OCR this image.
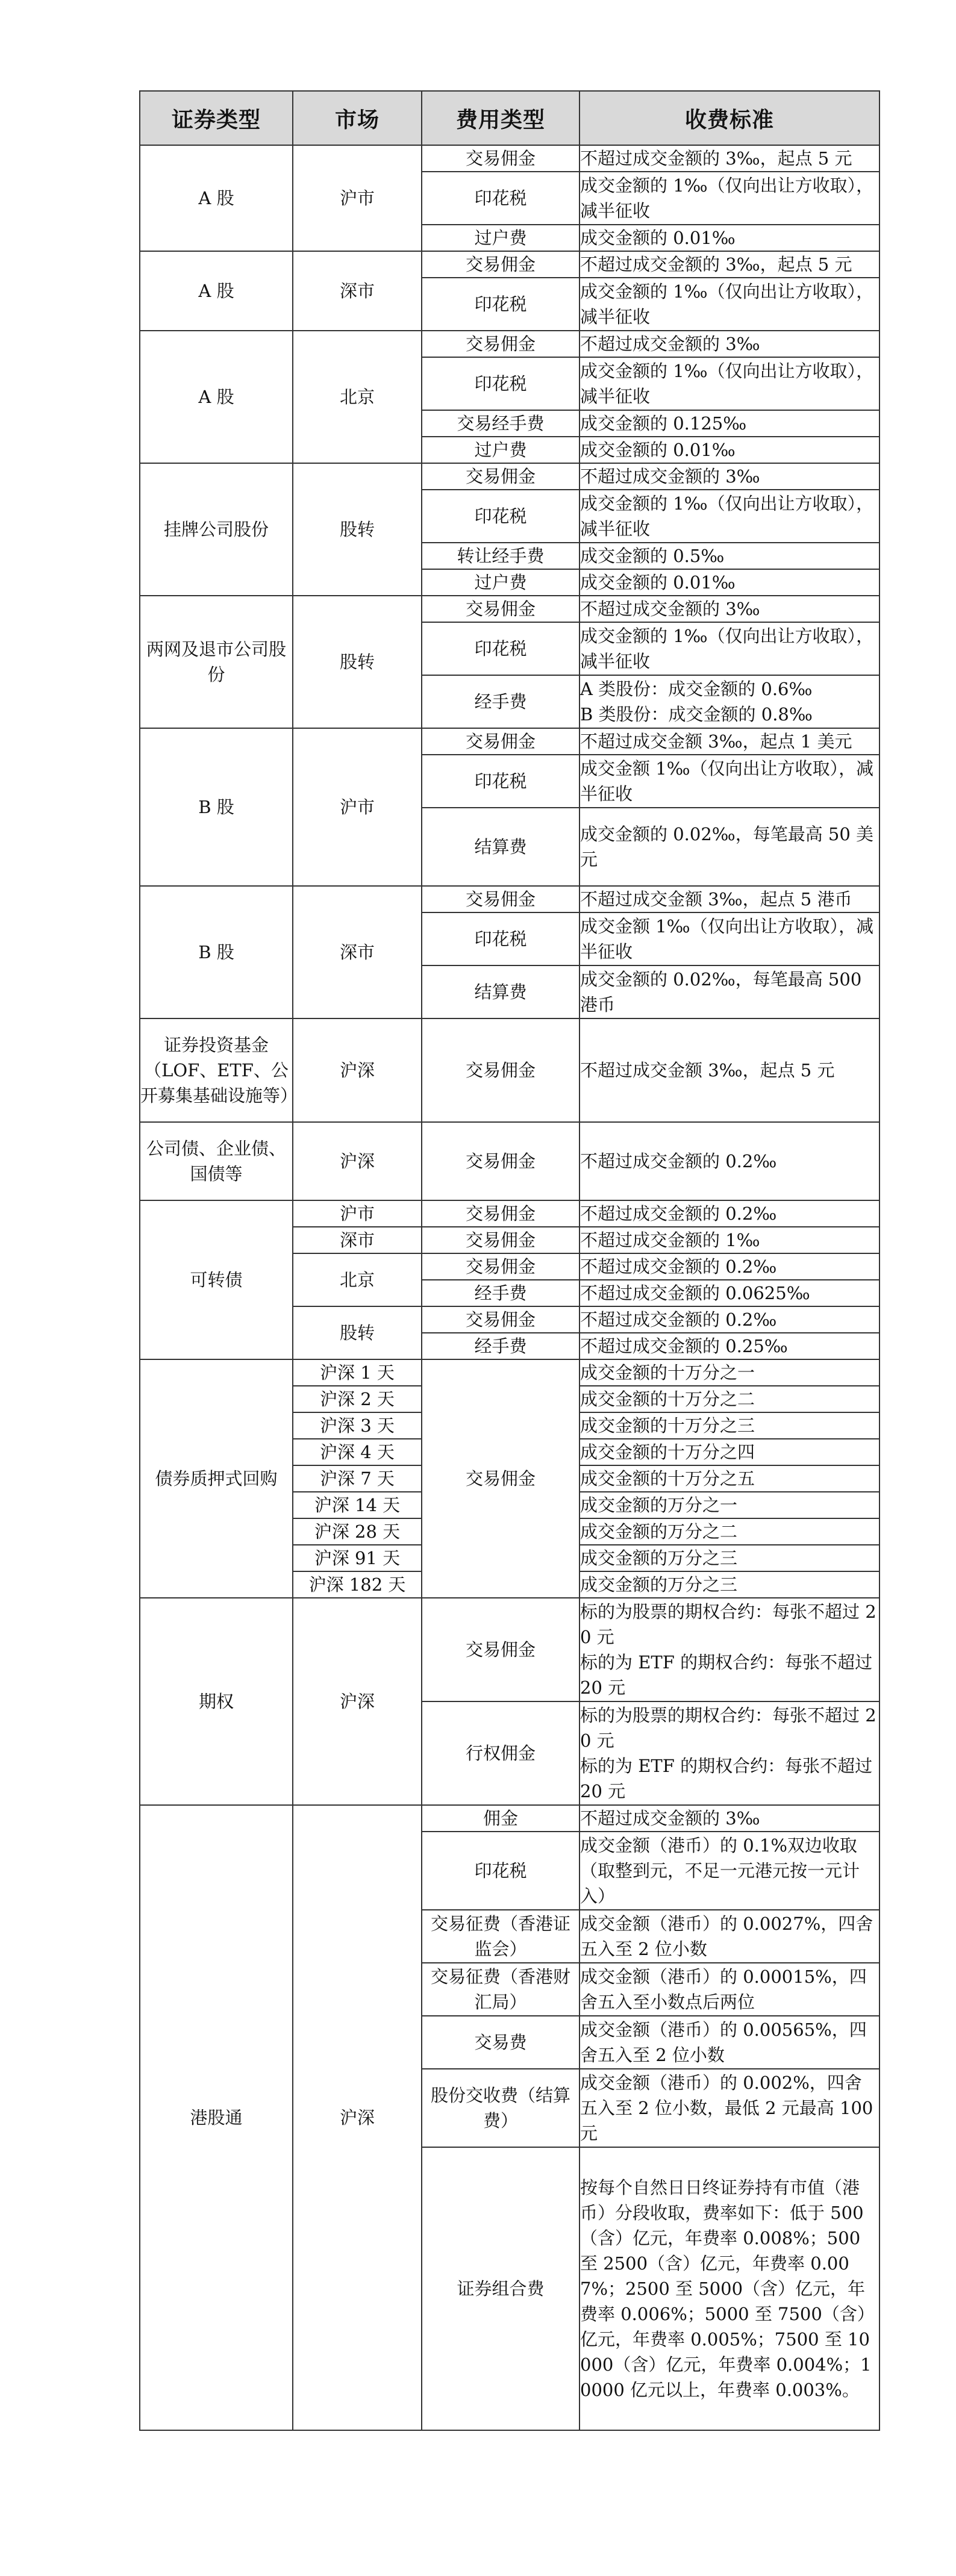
证券类型	市场	费用类型	收费标准
A 股	沪市	交易佣金	不超过成交金额的 3‰，起点 5 元
		印花税	成交金额的 1‰（仅向出让方收取），减半征收
		过户费	成交金额的 0.01‰
A 股	深市	交易佣金	不超过成交金额的 3‰，起点 5 元
		印花税	成交金额的 1‰（仅向出让方收取），减半征收
A 股	北京	交易佣金	不超过成交金额的 3‰
		印花税	成交金额的 1‰（仅向出让方收取），减半征收
		交易经手费	成交金额的 0.125‰
		过户费	成交金额的 0.01‰
挂牌公司股份	股转	交易佣金	不超过成交金额的 3‰
		印花税	成交金额的 1‰（仅向出让方收取），减半征收
		转让经手费	成交金额的 0.5‰
		过户费	成交金额的 0.01‰
两网及退市公司股份	股转	交易佣金	不超过成交金额的 3‰
		印花税	成交金额的 1‰（仅向出让方收取），减半征收
		经手费	A 类股份：成交金额的 0.6‰
B 类股份：成交金额的 0.8‰

B 股	沪市	交易佣金	不超过成交金额 3‰，起点 1 美元
		印花税	成交金额 1‰（仅向出让方收取），减半征收
		结算费	成交金额的 0.02‰，每笔最高 50 美元
B 股	深市	交易佣金	不超过成交金额 3‰，起点 5 港币
		印花税	成交金额 1‰（仅向出让方收取），减半征收
		结算费	成交金额的 0.02‰，每笔最高 500 港币
证券投资基金（LOF、ETF、公开募集基础设施等）	沪深	交易佣金	不超过成交金额 3‰，起点 5 元
公司债、企业债、国债等	沪深	交易佣金	不超过成交金额的 0.2‰
可转债	沪市	交易佣金	不超过成交金额的 0.2‰
	深市	交易佣金	不超过成交金额的 1‰
	北京	交易佣金	不超过成交金额的 0.2‰
		经手费	不超过成交金额的 0.0625‰
	股转	交易佣金	不超过成交金额的 0.2‰
		经手费	不超过成交金额的 0.25‰
债券质押式回购	沪深 1 天	交易佣金	成交金额的十万分之一
	沪深 2 天		成交金额的十万分之二
	沪深 3 天		成交金额的十万分之三
	沪深 4 天		成交金额的十万分之四
	沪深 7 天		成交金额的十万分之五
	沪深 14 天		成交金额的万分之一
	沪深 28 天		成交金额的万分之二
	沪深 91 天		成交金额的万分之三
	沪深 182 天		成交金额的万分之三
期权	沪深	交易佣金	标的为股票的期权合约：每张不超过 20 元
标的为 ETF 的期权合约：每张不超过 20 元

		行权佣金	标的为股票的期权合约：每张不超过 20 元
标的为 ETF 的期权合约：每张不超过 20 元

港股通	沪深	佣金	不超过成交金额的 3‰
		印花税	成交金额（港币）的 0.1%双边收取（取整到元，不足一元港元按一元计入）
		交易征费（香港证监会）	成交金额（港币）的 0.0027%，四舍五入至 2 位小数
		交易征费（香港财汇局）	成交金额（港币）的 0.00015%，四舍五入至小数点后两位
		交易费	成交金额（港币）的 0.00565%，四舍五入至 2 位小数
		股份交收费（结算费）	成交金额（港币）的 0.002%，四舍五入至 2 位小数，最低 2 元最高 100 元
		证券组合费	按每个自然日日终证券持有市值（港币）分段收取，费率如下：低于 500（含）亿元，年费率 0.008%；500 至 2500（含）亿元，年费率 0.007%；2500 至 5000（含）亿元，年费率 0.006%；5000 至 7500（含）亿元，年费率 0.005%；7500 至 10000（含）亿元，年费率 0.004%；10000 亿元以上，年费率 0.003%。
